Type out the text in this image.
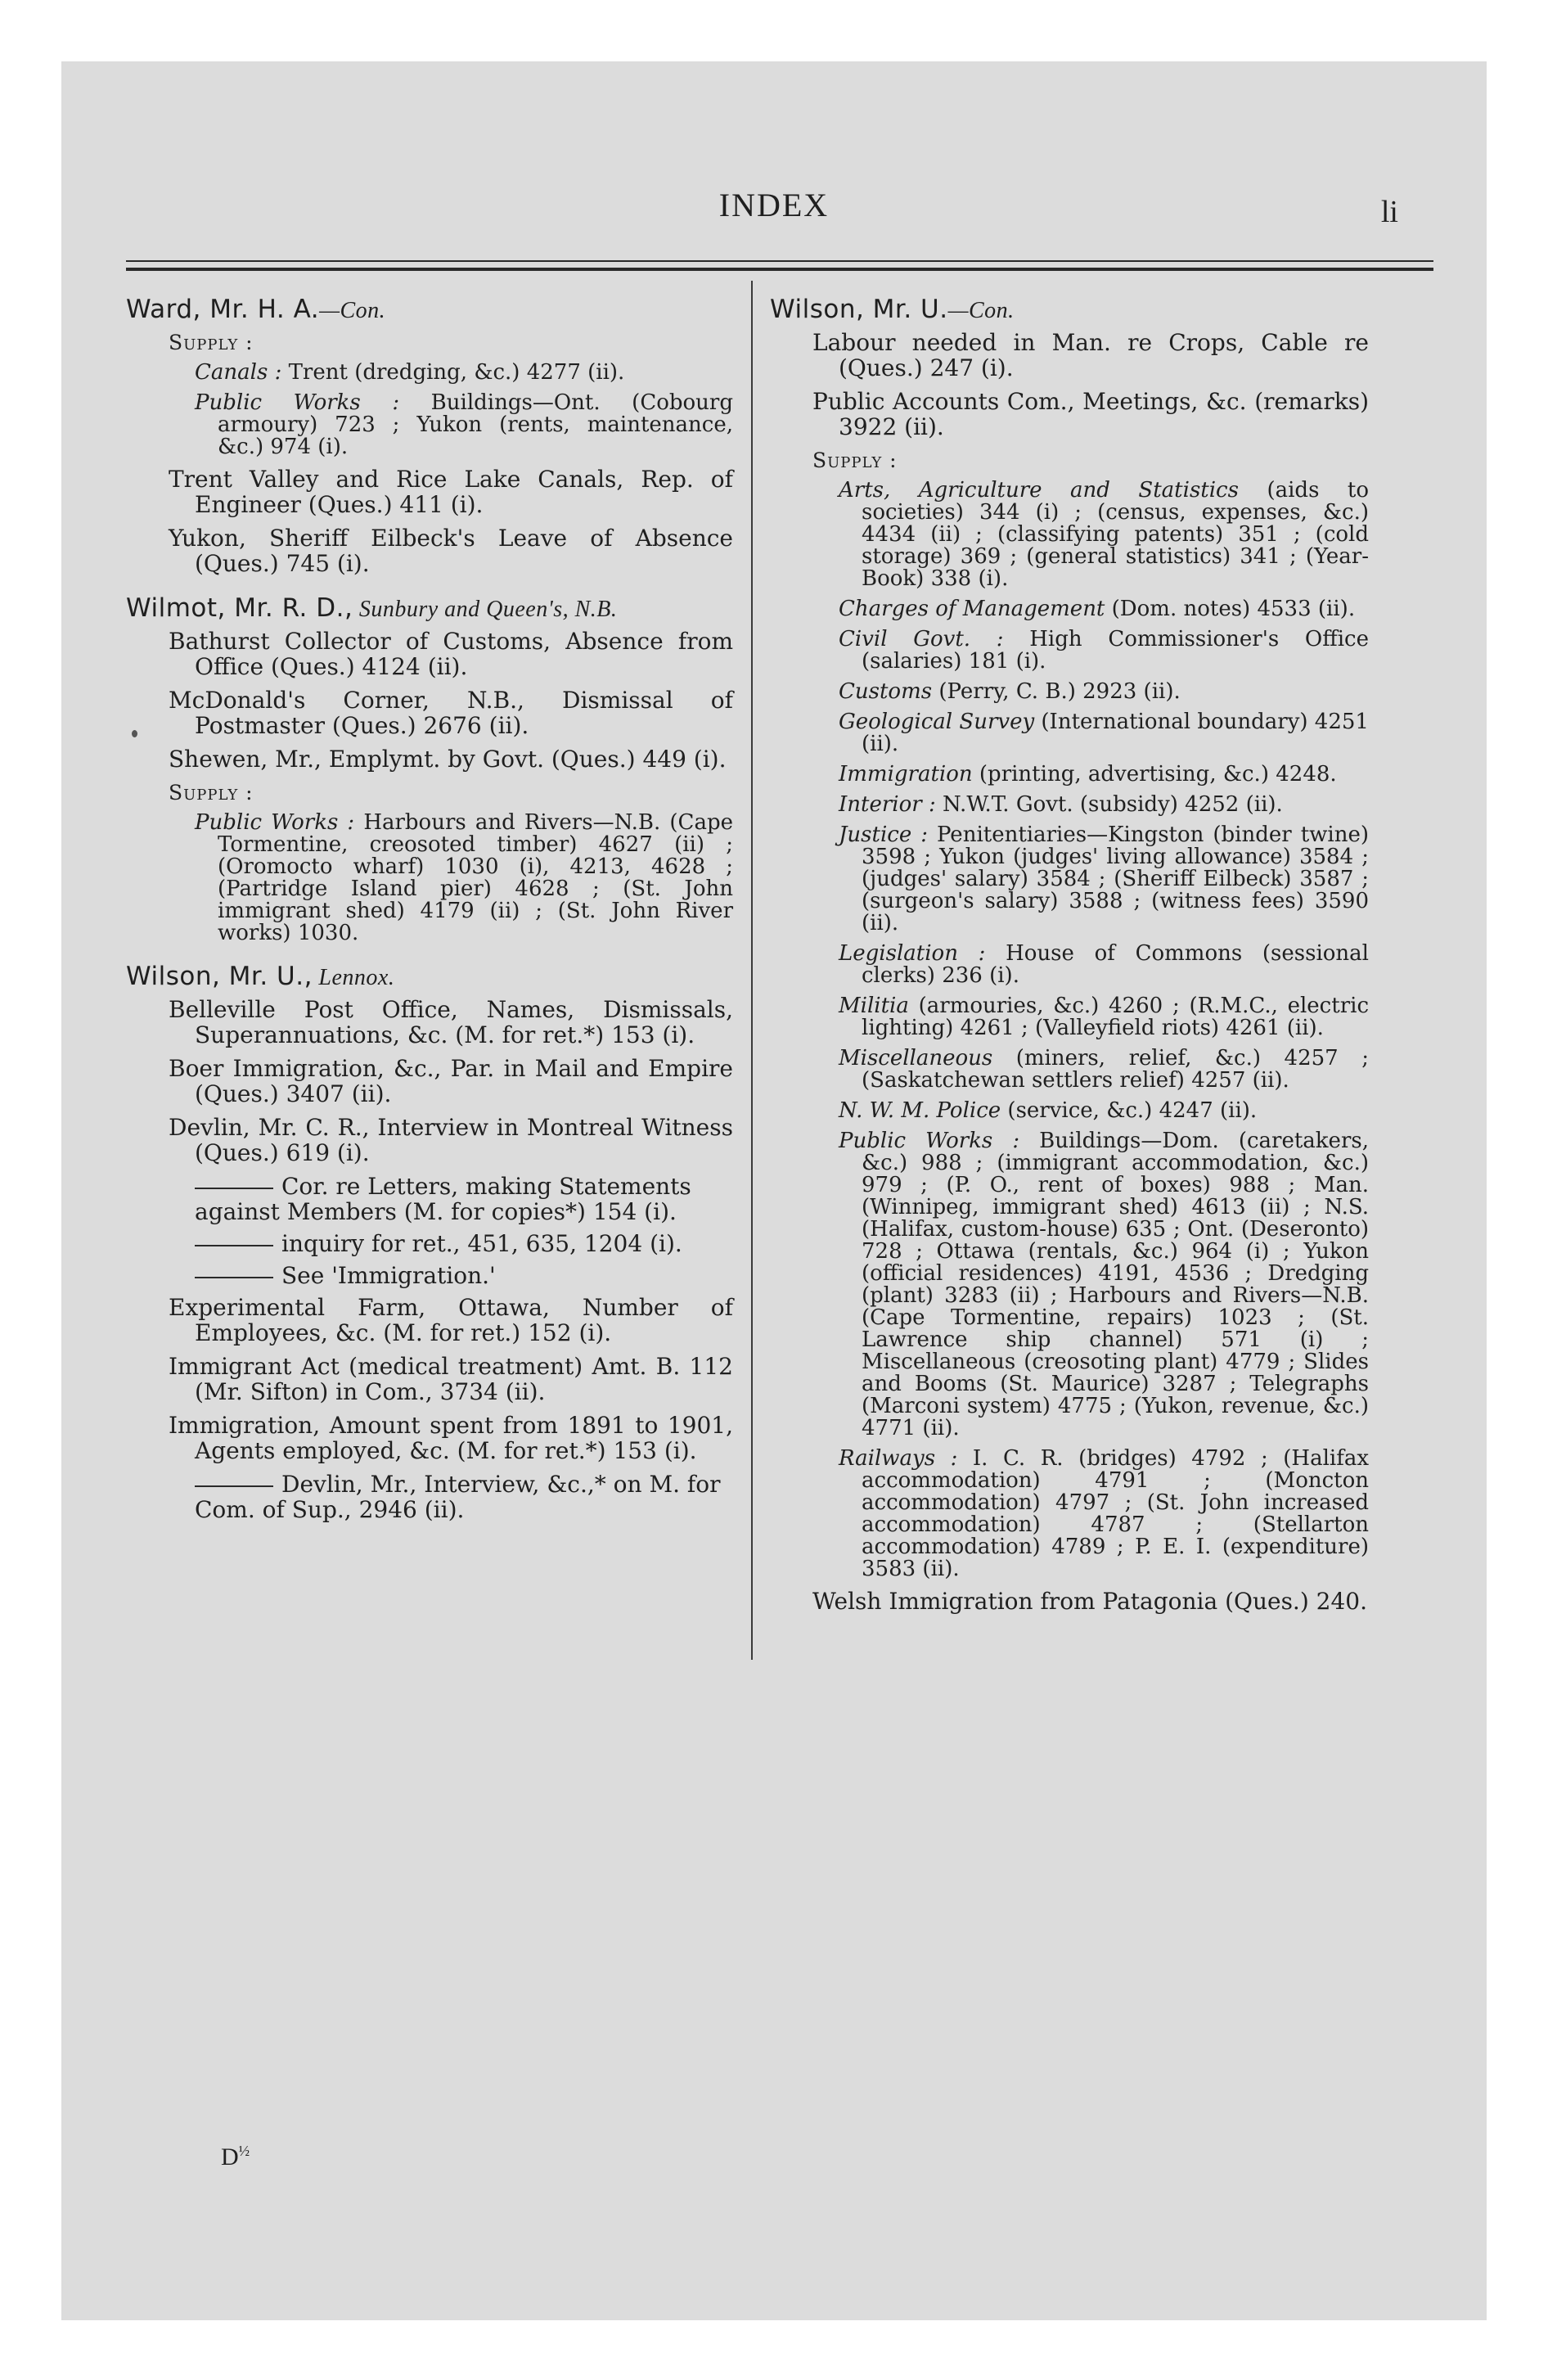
INDEX	li
Ward, Mr. H. A.—Con.
Supply :
Canals : Trent (dredging, &c.) 4277 (ii).
Public Works : Buildings—Ont. (Cobourg armoury) 723 ; Yukon (rents, maintenance, &c.) 974 (i).
Trent Valley and Rice Lake Canals, Rep. of Engineer (Ques.) 411 (i).
Yukon, Sheriff Eilbeck's Leave of Absence (Ques.) 745 (i).
Wilmot, Mr. R. D., Sunbury and Queen's, N.B.
Bathurst Collector of Customs, Absence from Office (Ques.) 4124 (ii).
McDonald's Corner, N.B., Dismissal of Postmaster (Ques.) 2676 (ii).
Shewen, Mr., Emplymt. by Govt. (Ques.) 449 (i).
Supply :
Public Works : Harbours and Rivers—N.B. (Cape Tormentine, creosoted timber) 4627 (ii) ; (Oromocto wharf) 1030 (i), 4213, 4628 ; (Partridge Island pier) 4628 ; (St. John immigrant shed) 4179 (ii) ; (St. John River works) 1030.
Wilson, Mr. U., Lennox.
Belleville Post Office, Names, Dismissals, Superannuations, &c. (M. for ret.*) 153 (i).
Boer Immigration, &c., Par. in Mail and Empire (Ques.) 3407 (ii).
Devlin, Mr. C. R., Interview in Montreal Witness (Ques.) 619 (i).
Cor. re Letters, making Statements against Members (M. for copies*) 154 (i).
inquiry for ret., 451, 635, 1204 (i).
See 'Immigration.'
Experimental Farm, Ottawa, Number of Employees, &c. (M. for ret.) 152 (i).
Immigrant Act (medical treatment) Amt. B. 112 (Mr. Sifton) in Com., 3734 (ii).
Immigration, Amount spent from 1891 to 1901, Agents employed, &c. (M. for ret.*) 153 (i).
Devlin, Mr., Interview, &c.,* on M. for Com. of Sup., 2946 (ii).
Wilson, Mr. U.—Con.
Labour needed in Man. re Crops, Cable re (Ques.) 247 (i).
Public Accounts Com., Meetings, &c. (remarks) 3922 (ii).
Supply :
Arts, Agriculture and Statistics (aids to societies) 344 (i) ; (census, expenses, &c.) 4434 (ii) ; (classifying patents) 351 ; (cold storage) 369 ; (general statistics) 341 ; (Year-Book) 338 (i).
Charges of Management (Dom. notes) 4533 (ii).
Civil Govt. : High Commissioner's Office (salaries) 181 (i).
Customs (Perry, C. B.) 2923 (ii).
Geological Survey (International boundary) 4251 (ii).
Immigration (printing, advertising, &c.) 4248.
Interior : N.W.T. Govt. (subsidy) 4252 (ii).
Justice : Penitentiaries—Kingston (binder twine) 3598 ; Yukon (judges' living allowance) 3584 ; (judges' salary) 3584 ; (Sheriff Eilbeck) 3587 ; (surgeon's salary) 3588 ; (witness fees) 3590 (ii).
Legislation : House of Commons (sessional clerks) 236 (i).
Militia (armouries, &c.) 4260 ; (R.M.C., electric lighting) 4261 ; (Valleyfield riots) 4261 (ii).
Miscellaneous (miners, relief, &c.) 4257 ; (Saskatchewan settlers relief) 4257 (ii).
N. W. M. Police (service, &c.) 4247 (ii).
Public Works : Buildings—Dom. (caretakers, &c.) 988 ; (immigrant accommodation, &c.) 979 ; (P. O., rent of boxes) 988 ; Man. (Winnipeg, immigrant shed) 4613 (ii) ; N.S. (Halifax, custom-house) 635 ; Ont. (Deseronto) 728 ; Ottawa (rentals, &c.) 964 (i) ; Yukon (official residences) 4191, 4536 ; Dredging (plant) 3283 (ii) ; Harbours and Rivers—N.B. (Cape Tormentine, repairs) 1023 ; (St. Lawrence ship channel) 571 (i) ; Miscellaneous (creosoting plant) 4779 ; Slides and Booms (St. Maurice) 3287 ; Telegraphs (Marconi system) 4775 ; (Yukon, revenue, &c.) 4771 (ii).
Railways : I. C. R. (bridges) 4792 ; (Halifax accommodation) 4791 ; (Moncton accommodation) 4797 ; (St. John increased accommodation) 4787 ; (Stellarton accommodation) 4789 ; P. E. I. (expenditure) 3583 (ii).
Welsh Immigration from Patagonia (Ques.) 240.
$D^{\frac{1}{2}}$
